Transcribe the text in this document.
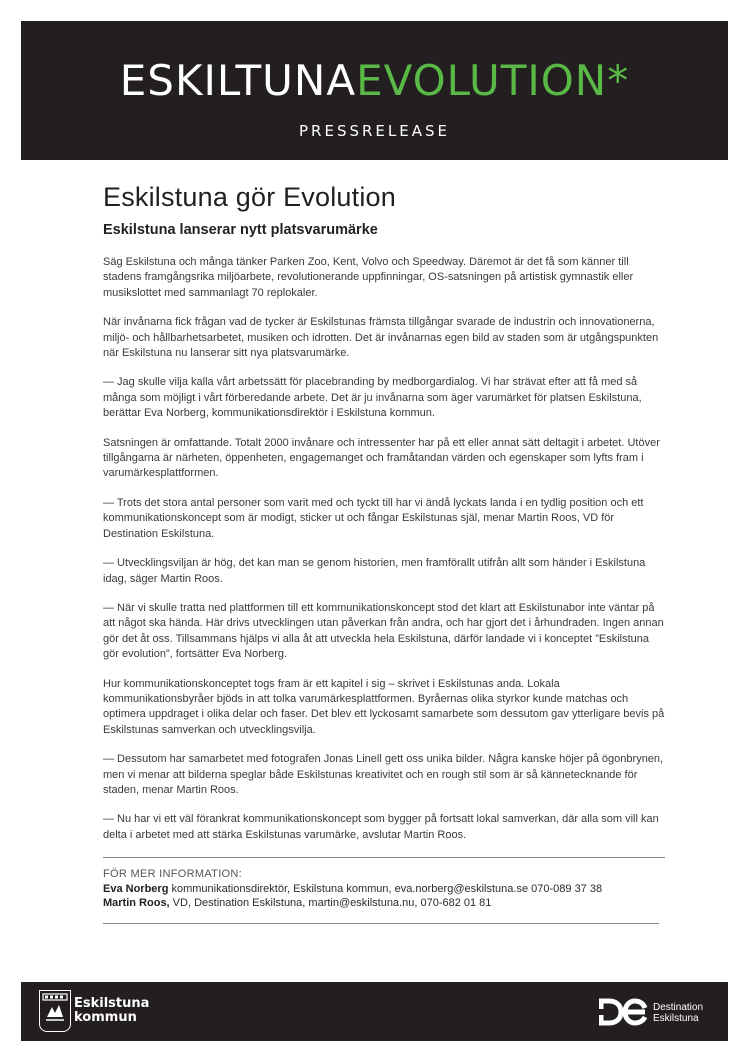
ESKILTUNAEVOLUTION*
PRESSRELEASE
Eskilstuna gör Evolution
Eskilstuna lanserar nytt platsvarumärke

Säg Eskilstuna och många tänker Parken Zoo, Kent, Volvo och Speedway. Däremot är det få som känner till stadens framgångsrika miljöarbete, revolutionerande uppfinningar, OS-satsningen på artistisk gymnastik eller musikslottet med sammanlagt 70 replokaler.

När invånarna fick frågan vad de tycker är Eskilstunas främsta tillgångar svarade de industrin och innovationerna, miljö- och hållbarhetsarbetet, musiken och idrotten. Det är invånarnas egen bild av staden som är utgångspunkten när Eskilstuna nu lanserar sitt nya platsvarumärke.

— Jag skulle vilja kalla vårt arbetssätt för placebranding by medborgardialog. Vi har strävat efter att få med så många som möjligt i vårt förberedande arbete. Det är ju invånarna som äger varumärket för platsen Eskilstuna, berättar Eva Norberg, kommunikationsdirektör i Eskilstuna kommun.

Satsningen är omfattande. Totalt 2000 invånare och intressenter har på ett eller annat sätt deltagit i arbetet. Utöver tillgångarna är närheten, öppenheten, engagemanget och framåtandan värden och egenskaper som lyfts fram i varumärkesplattformen.

— Trots det stora antal personer som varit med och tyckt till har vi ändå lyckats landa i en tydlig position och ett kommunikationskoncept som är modigt, sticker ut och fångar Eskilstunas själ, menar Martin Roos, VD för Destination Eskilstuna.

— Utvecklingsviljan är hög, det kan man se genom historien, men framförallt utifrån allt som händer i Eskilstuna idag, säger Martin Roos.

— När vi skulle tratta ned plattformen till ett kommunikationskoncept stod det klart att Eskilstunabor inte väntar på att något ska hända. Här drivs utvecklingen utan påverkan från andra, och har gjort det i århundraden. Ingen annan gör det åt oss. Tillsammans hjälps vi alla åt att utveckla hela Eskilstuna, därför landade vi i konceptet ”Eskilstuna gör evolution”, fortsätter Eva Norberg.

Hur kommunikationskonceptet togs fram är ett kapitel i sig – skrivet i Eskilstunas anda. Lokala kommunikationsbyråer bjöds in att tolka varumärkesplattformen. Byråernas olika styrkor kunde matchas och optimera uppdraget i olika delar och faser. Det blev ett lyckosamt samarbete som dessutom gav ytterligare bevis på Eskilstunas samverkan och utvecklingsvilja.

— Dessutom har samarbetet med fotografen Jonas Linell gett oss unika bilder. Några kanske höjer på ögonbrynen, men vi menar att bilderna speglar både Eskilstunas kreativitet och en rough stil som är så kännetecknande för staden, menar Martin Roos.

— Nu har vi ett väl förankrat kommunikationskoncept som bygger på fortsatt lokal samverkan, där alla som vill kan delta i arbetet med att stärka Eskilstunas varumärke, avslutar Martin Roos.

FÖR MER INFORMATION:
Eva Norberg kommunikationsdirektör, Eskilstuna kommun, eva.norberg@eskilstuna.se 070-089 37 38
Martin Roos, VD, Destination Eskilstuna, martin@eskilstuna.nu, 070-682 01 81
Eskilstuna
kommun
Destination
Eskilstuna
